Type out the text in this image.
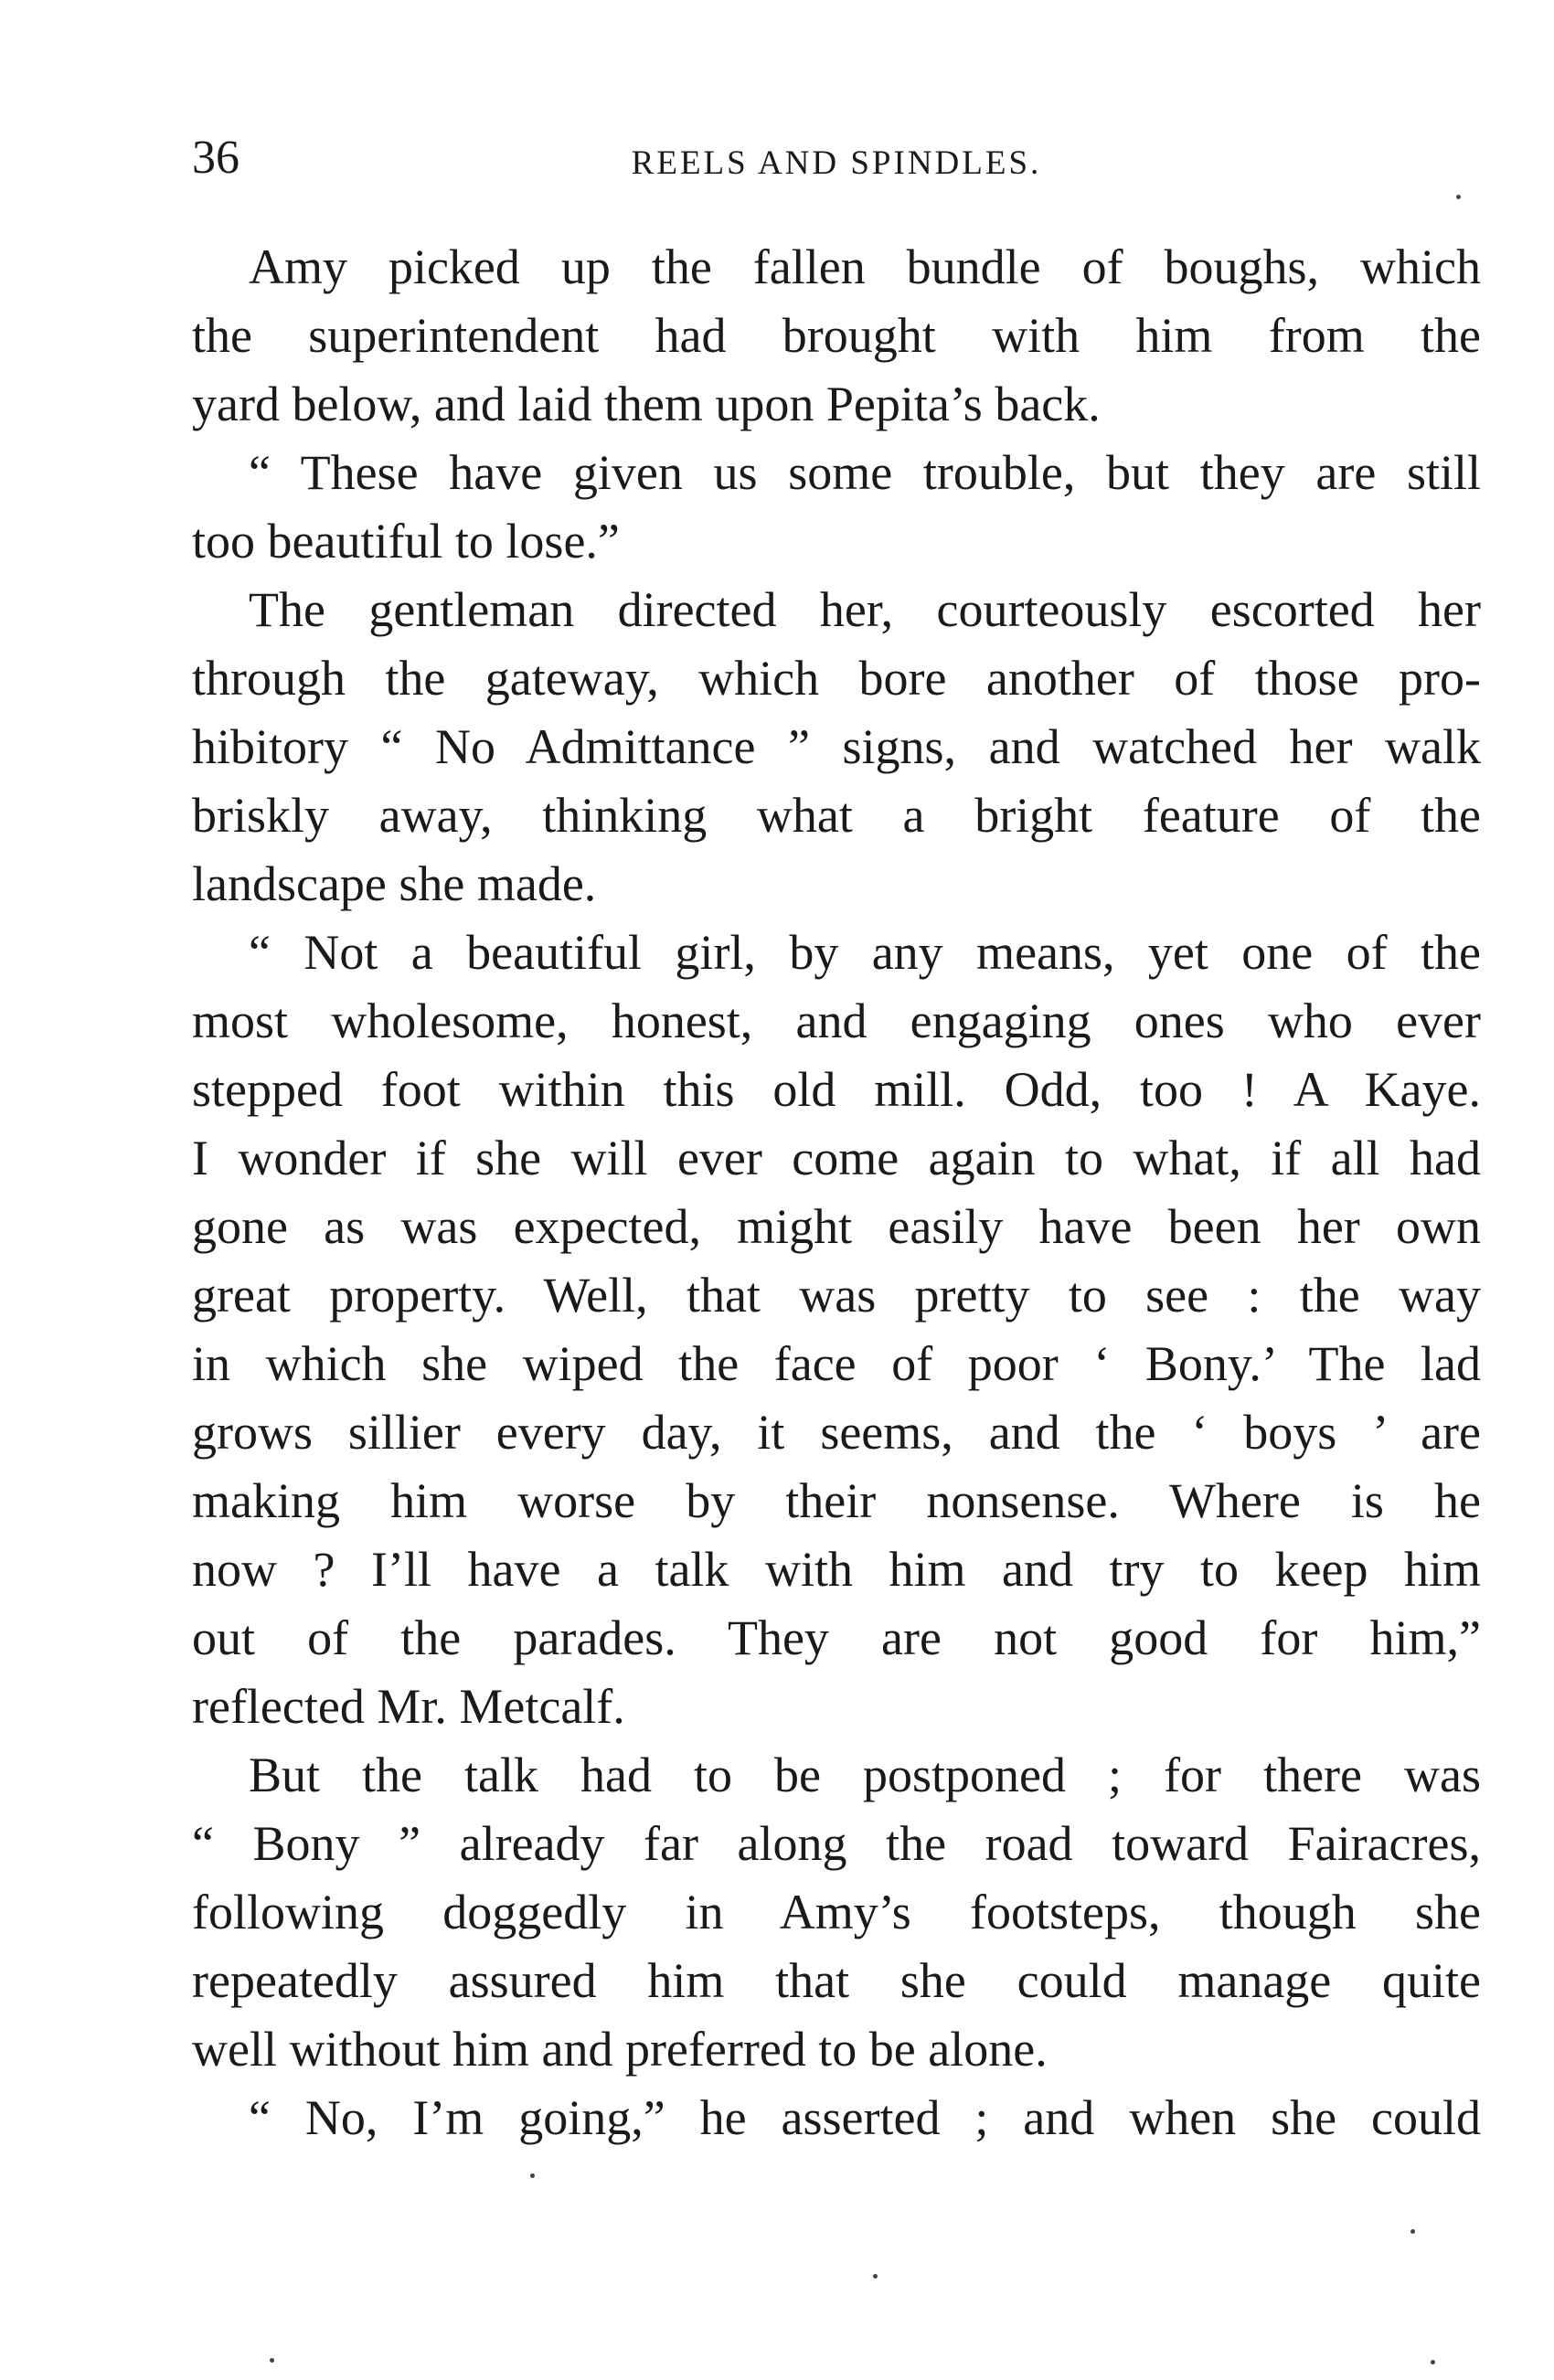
36	REELS AND SPINDLES.
Amy picked up the fallen bundle of boughs, which
the superintendent had brought with him from the
yard below, and laid them upon Pepita’s back.
“ These have given us some trouble, but they are still
too beautiful to lose.”
The gentleman directed her, courteously escorted her
through the gateway, which bore another of those pro-
hibitory “ No Admittance ” signs, and watched her walk
briskly away, thinking what a bright feature of the
landscape she made.
“ Not a beautiful girl, by any means, yet one of the
most wholesome, honest, and engaging ones who ever
stepped foot within this old mill. Odd, too ! A Kaye.
I wonder if she will ever come again to what, if all had
gone as was expected, might easily have been her own
great property. Well, that was pretty to see : the way
in which she wiped the face of poor ‘ Bony.’ The lad
grows sillier every day, it seems, and the ‘ boys ’ are
making him worse by their nonsense. Where is he
now ? I’ll have a talk with him and try to keep him
out of the parades. They are not good for him,”
reflected Mr. Metcalf.
But the talk had to be postponed ; for there was
“ Bony ” already far along the road toward Fairacres,
following doggedly in Amy’s footsteps, though she
repeatedly assured him that she could manage quite
well without him and preferred to be alone.
“ No, I’m going,” he asserted ; and when she could
